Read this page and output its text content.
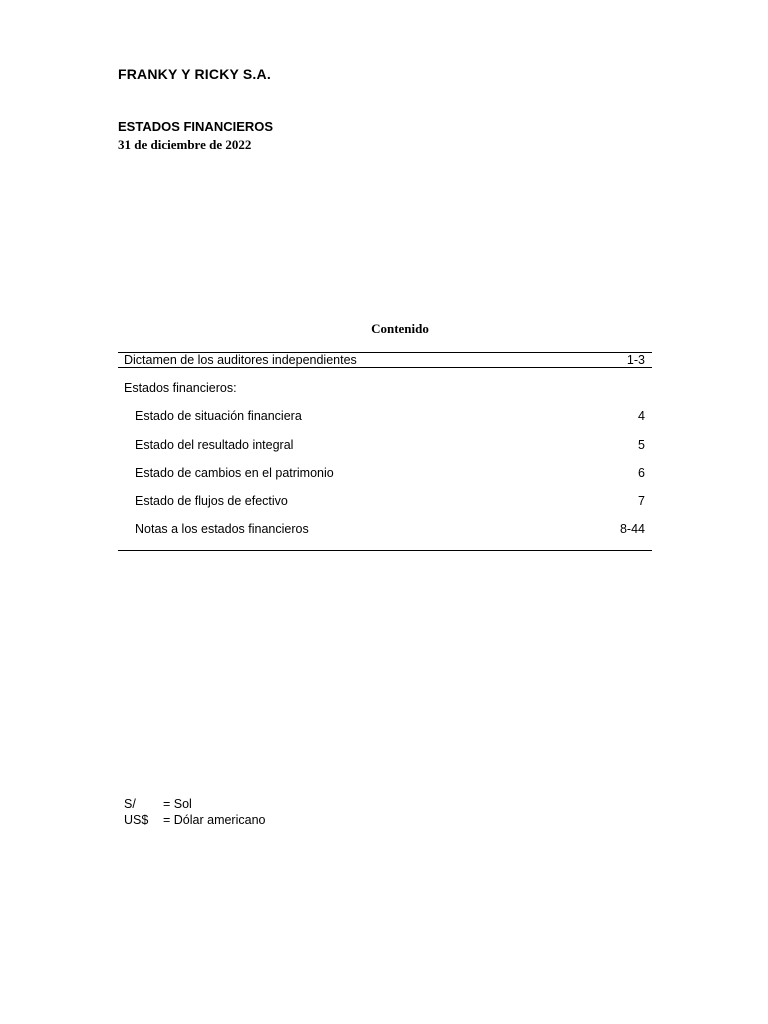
FRANKY Y RICKY S.A.
ESTADOS FINANCIEROS
31 de diciembre de 2022
Contenido
Dictamen de los auditores independientes	1-3
Estados financieros:
Estado de situación financiera	4
Estado del resultado integral	5
Estado de cambios en el patrimonio	6
Estado de flujos de efectivo	7
Notas a los estados financieros	8-44
S/ = Sol
US$ = Dólar americano
